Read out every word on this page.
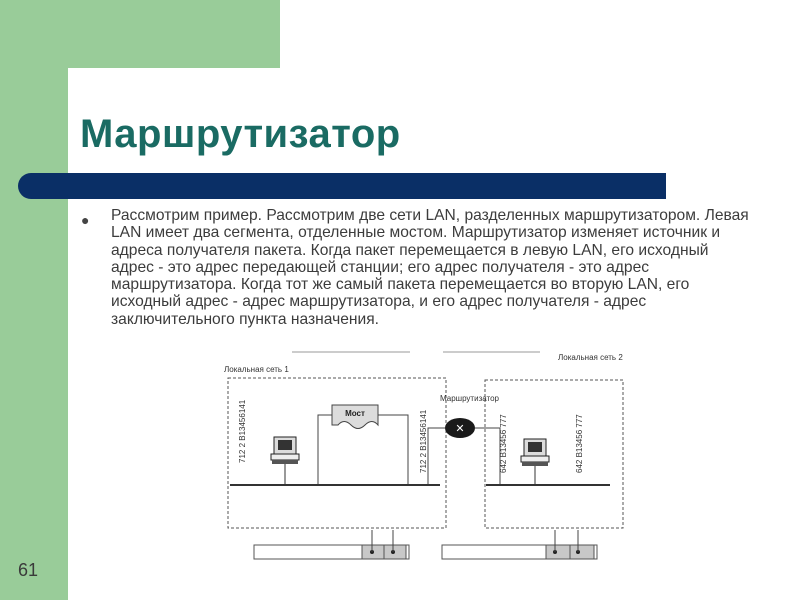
Маршрутизатор
● Рассмотрим пример. Рассмотрим две сети LAN, разделенных маршрутизатором. Левая LAN имеет два сегмента, отделенные мостом. Маршрутизатор изменяет источник и адреса получателя пакета. Когда пакет перемещается в левую LAN, его исходный адрес - это адрес передающей станции; его адрес получателя - это адрес маршрутизатора. Когда тот же самый пакета перемещается во вторую LAN, его исходный адрес - адрес маршрутизатора, и его адрес получателя - адрес заключительного пункта назначения.

Локальная сеть 1
Локальная сеть 2
Маршрутизатор
✕
Мост
712 2 B13456141	712 2 B13456141	642 B13456 777	642 B13456 777
61
